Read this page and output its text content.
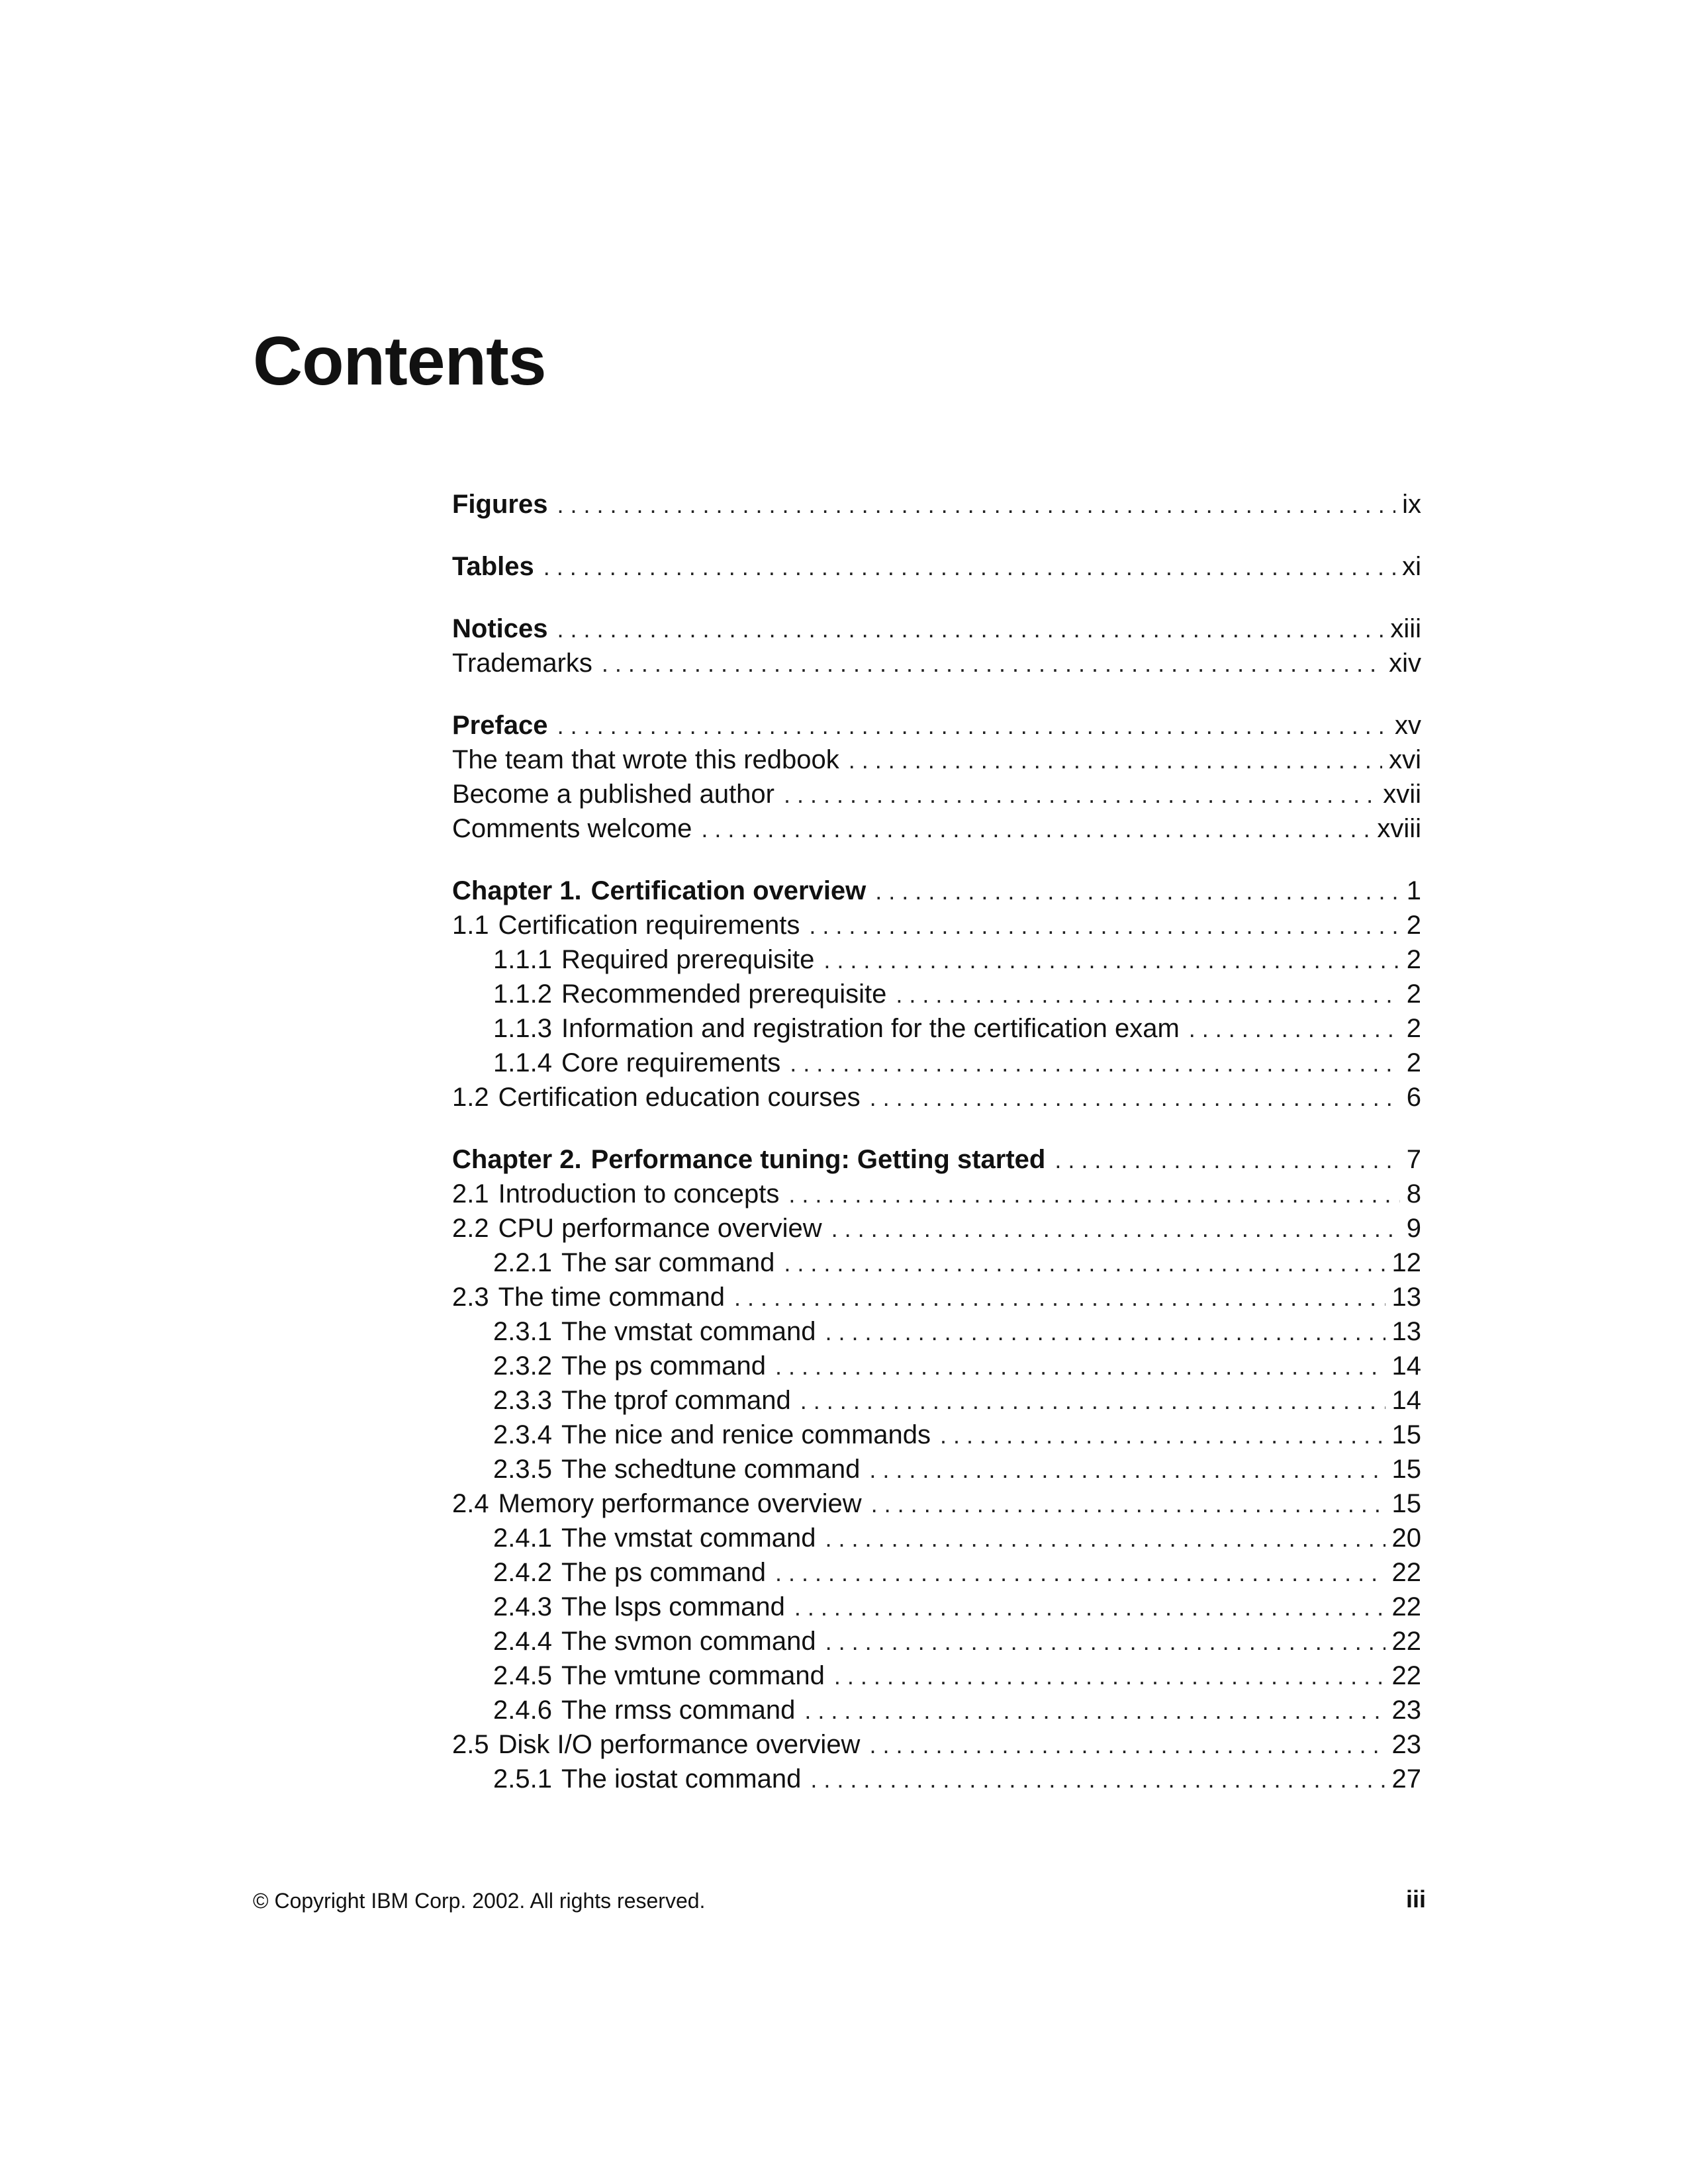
Contents
Figures . . .	ix
Tables . . .	xi
Notices . . .	xiii
Trademarks . . .	xiv
Preface . . .	xv
The team that wrote this redbook . . .	xvi
Become a published author . . .	xvii
Comments welcome . . .	xviii
Chapter 1. Certification overview . . .	1
1.1 Certification requirements . . .	2
1.1.1 Required prerequisite . . .	2
1.1.2 Recommended prerequisite . . .	2
1.1.3 Information and registration for the certification exam . . .	2
1.1.4 Core requirements . . .	2
1.2 Certification education courses . . .	6
Chapter 2. Performance tuning: Getting started . . .	7
2.1 Introduction to concepts . . .	8
2.2 CPU performance overview . . .	9
2.2.1 The sar command . . .	12
2.3 The time command . . .	13
2.3.1 The vmstat command . . .	13
2.3.2 The ps command . . .	14
2.3.3 The tprof command . . .	14
2.3.4 The nice and renice commands . . .	15
2.3.5 The schedtune command . . .	15
2.4 Memory performance overview . . .	15
2.4.1 The vmstat command . . .	20
2.4.2 The ps command . . .	22
2.4.3 The lsps command . . .	22
2.4.4 The svmon command . . .	22
2.4.5 The vmtune command . . .	22
2.4.6 The rmss command . . .	23
2.5 Disk I/O performance overview . . .	23
2.5.1 The iostat command . . .	27
© Copyright IBM Corp. 2002. All rights reserved.	iii
